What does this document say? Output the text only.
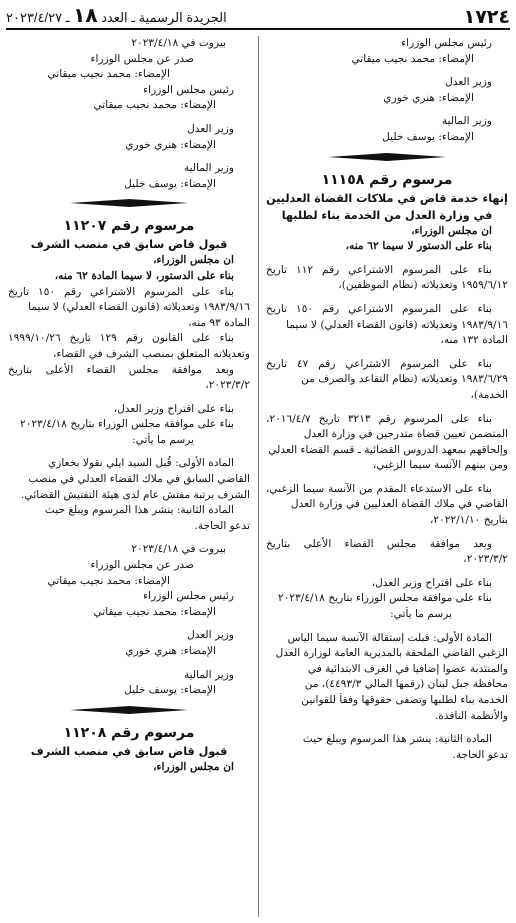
١٧٢٤
الجريدة الرسمية ـ العدد ١٨ ـ ٢٠٢٣/٤/٢٧
رئيس مجلس الوزراء
الإمضاء: محمد نجيب ميقاتي
وزير العدل
الإمضاء: هنري خوري
وزير المالية
الإمضاء: يوسف خليل
مرسوم رقم ١١١٥٨
إنهاء خدمة قاض في ملاكات القضاة العدليين
في وزارة العدل من الخدمة بناء لطلبها
ان مجلس الوزراء،
بناء على الدستور لا سيما ٦٢ منه،
بناء على المرسوم الاشتراعي رقم ١١٢ تاريخ
١٩٥٩/٦/١٢ وتعديلاته (نظام الموظفين)،
بناء على المرسوم الاشتراعي رقم ١٥٠ تاريخ
١٩٨٣/٩/١٦ وتعديلاته (قانون القضاء العدلي) لا سيما
المادة ١٣٢ منه،
بناء على المرسوم الاشتراعي رقم ٤٧ تاريخ
١٩٨٣/٦/٢٩ وتعديلاته (نظام التقاعد والصرف من
الخدمة)،
بناء على المرسوم رقم ٣٢١٣ تاريخ ٢٠١٦/٤/٧،
المتضمن تعيين قضاة متدرجين في وزارة العدل
وإلحاقهم بمعهد الدروس القضائية ـ قسم القضاء العدلي
ومن بينهم الآنسة سيما الزغبي،
بناء على الاستدعاء المقدم من الآنسة سيما الزغبي،
القاضي في ملاك القضاة العدليين في وزارة العدل
بتاريخ ٢٠٢٢/١/١٠،
وبعد موافقة مجلس القضاء الأعلى بتاريخ
٢٠٢٣/٣/٢،
بناء على اقتراح وزير العدل،
بناء على موافقة مجلس الوزراء بتاريخ ٢٠٢٣/٤/١٨
يرسم ما يأتي:
المادة الأولى: قبلت إستقالة الآنسة سيما الياس
الزغبي القاضي الملحقة بالمديرية العامة لوزارة العدل
والمنتدبة عضوا إضافيا في الغرف الابتدائية في
محافظة جبل لبنان (رقمها المالي ٤٤٩٣/٣)، من
الخدمة بناء لطلبها وتصفى حقوقها وفقاً للقوانين
والأنظمة النافذة.
المادة الثانية: ينشر هذا المرسوم ويبلغ حيث
تدعو الحاجة.
بيروت في ٢٠٢٣/٤/١٨
صدر عن مجلس الوزراء
الإمضاء: محمد نجيب ميقاتي
رئيس مجلس الوزراء
الإمضاء: محمد نجيب ميقاتي
وزير العدل
الإمضاء: هنري خوري
وزير المالية
الإمضاء: يوسف خليل
مرسوم رقم ١١٢٠٧
قبول قاض سابق في منصب الشرف
ان مجلس الوزراء،
بناء على الدستور، لا سيما المادة ٦٢ منه،
بناء على المرسوم الاشتراعي رقم ١٥٠ تاريخ
١٩٨٣/٩/١٦ وتعديلاته (قانون القضاء العدلي) لا سيما
المادة ٩٣ منه،
بناء على القانون رقم ١٢٩ تاريخ ١٩٩٩/١٠/٢٦
وتعديلاته المتعلق بمنصب الشرف في القضاء،
وبعد موافقة مجلس القضاء الأعلى بتاريخ
٢٠٢٣/٣/٢،
بناء على اقتراح وزير العدل،
بناء على موافقة مجلس الوزراء بتاريخ ٢٠٢٣/٤/١٨
يرسم ما يأتي:
المادة الأولى: قُبل السيد ايلي نقولا بخعازي
القاضي السابق في ملاك القضاء العدلي في منصب
الشرف برتبة مفتش عام لدى هيئة التفتيش القضائي.
المادة الثانية: ينشر هذا المرسوم ويبلغ حيث
تدعو الحاجة.
بيروت في ٢٠٢٣/٤/١٨
صدر عن مجلس الوزراء
الإمضاء: محمد نجيب ميقاتي
رئيس مجلس الوزراء
الإمضاء: محمد نجيب ميقاتي
وزير العدل
الإمضاء: هنري خوري
وزير المالية
الإمضاء: يوسف خليل
مرسوم رقم ١١٢٠٨
قبول قاض سابق في منصب الشرف
ان مجلس الوزراء،
